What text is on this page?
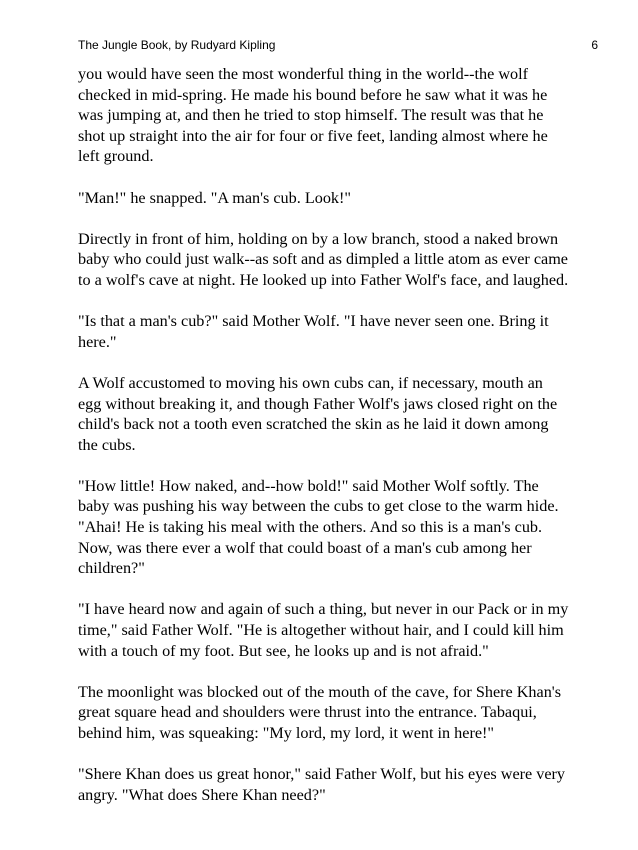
The Jungle Book, by Rudyard Kipling	6

you would have seen the most wonderful thing in the world--the wolf
checked in mid-spring. He made his bound before he saw what it was he
was jumping at, and then he tried to stop himself. The result was that he
shot up straight into the air for four or five feet, landing almost where he
left ground.

"Man!" he snapped. "A man's cub. Look!"

Directly in front of him, holding on by a low branch, stood a naked brown
baby who could just walk--as soft and as dimpled a little atom as ever came
to a wolf's cave at night. He looked up into Father Wolf's face, and laughed.

"Is that a man's cub?" said Mother Wolf. "I have never seen one. Bring it
here."

A Wolf accustomed to moving his own cubs can, if necessary, mouth an
egg without breaking it, and though Father Wolf's jaws closed right on the
child's back not a tooth even scratched the skin as he laid it down among
the cubs.

"How little! How naked, and--how bold!" said Mother Wolf softly. The
baby was pushing his way between the cubs to get close to the warm hide.
"Ahai! He is taking his meal with the others. And so this is a man's cub.
Now, was there ever a wolf that could boast of a man's cub among her
children?"

"I have heard now and again of such a thing, but never in our Pack or in my
time," said Father Wolf. "He is altogether without hair, and I could kill him
with a touch of my foot. But see, he looks up and is not afraid."

The moonlight was blocked out of the mouth of the cave, for Shere Khan's
great square head and shoulders were thrust into the entrance. Tabaqui,
behind him, was squeaking: "My lord, my lord, it went in here!"

"Shere Khan does us great honor," said Father Wolf, but his eyes were very
angry. "What does Shere Khan need?"
